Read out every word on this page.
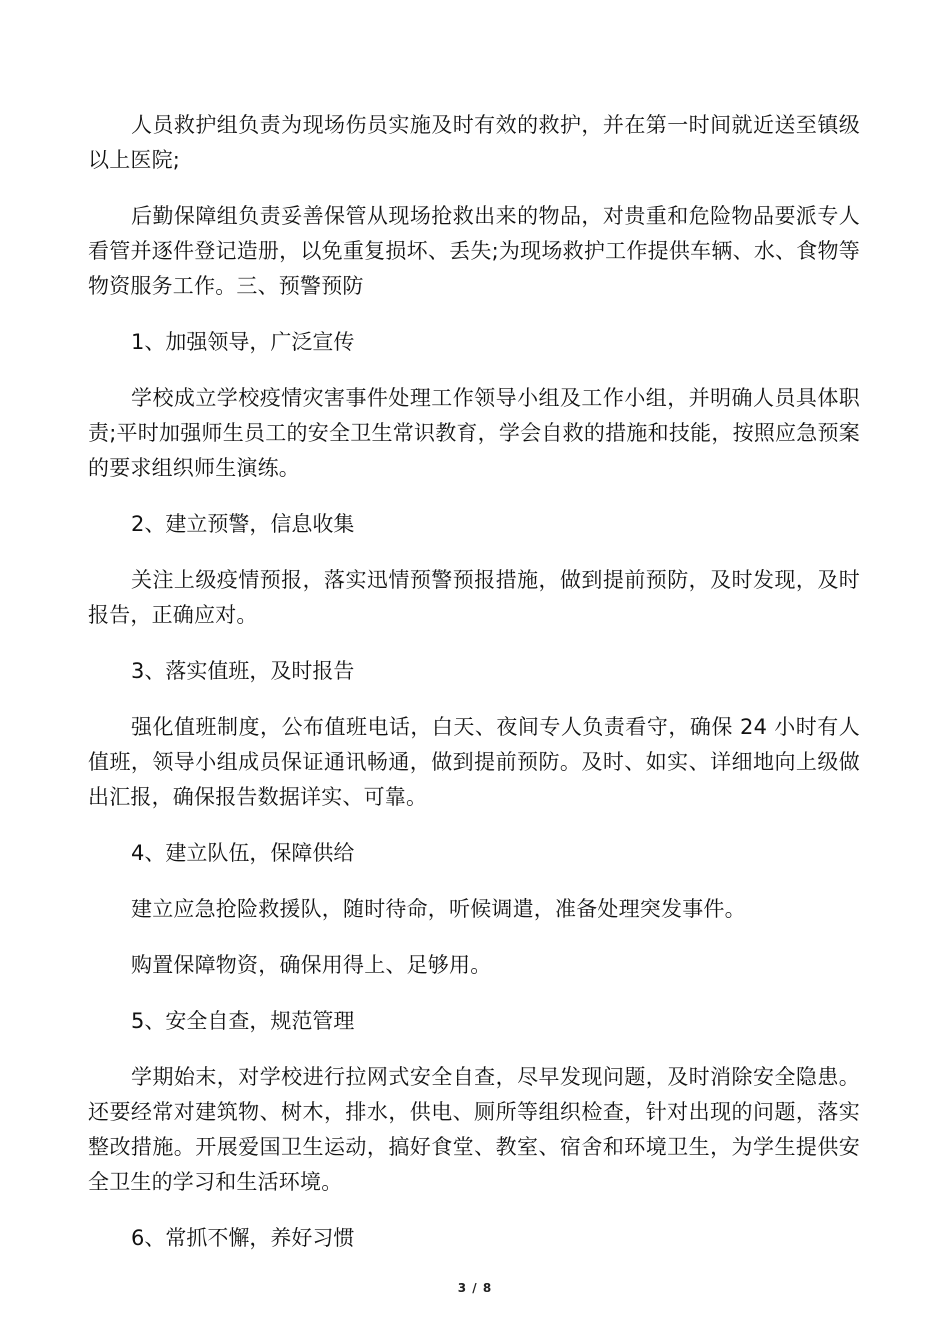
人员救护组负责为现场伤员实施及时有效的救护，并在第一时间就近送至镇级以上医院;

后勤保障组负责妥善保管从现场抢救出来的物品，对贵重和危险物品要派专人看管并逐件登记造册，以免重复损坏、丢失;为现场救护工作提供车辆、水、食物等物资服务工作。三、预警预防

1、加强领导，广泛宣传

学校成立学校疫情灾害事件处理工作领导小组及工作小组，并明确人员具体职责;平时加强师生员工的安全卫生常识教育，学会自救的措施和技能，按照应急预案的要求组织师生演练。

2、建立预警，信息收集

关注上级疫情预报，落实迅情预警预报措施，做到提前预防，及时发现，及时报告，正确应对。

3、落实值班，及时报告

强化值班制度，公布值班电话，白天、夜间专人负责看守，确保 24 小时有人值班，领导小组成员保证通讯畅通，做到提前预防。及时、如实、详细地向上级做出汇报，确保报告数据详实、可靠。

4、建立队伍，保障供给

建立应急抢险救援队，随时待命，听候调遣，准备处理突发事件。

购置保障物资，确保用得上、足够用。

5、安全自查，规范管理

学期始末，对学校进行拉网式安全自查，尽早发现问题，及时消除安全隐患。还要经常对建筑物、树木，排水，供电、厕所等组织检查，针对出现的问题，落实整改措施。开展爱国卫生运动，搞好食堂、教室、宿舍和环境卫生，为学生提供安全卫生的学习和生活环境。

6、常抓不懈，养好习惯

3 / 8
